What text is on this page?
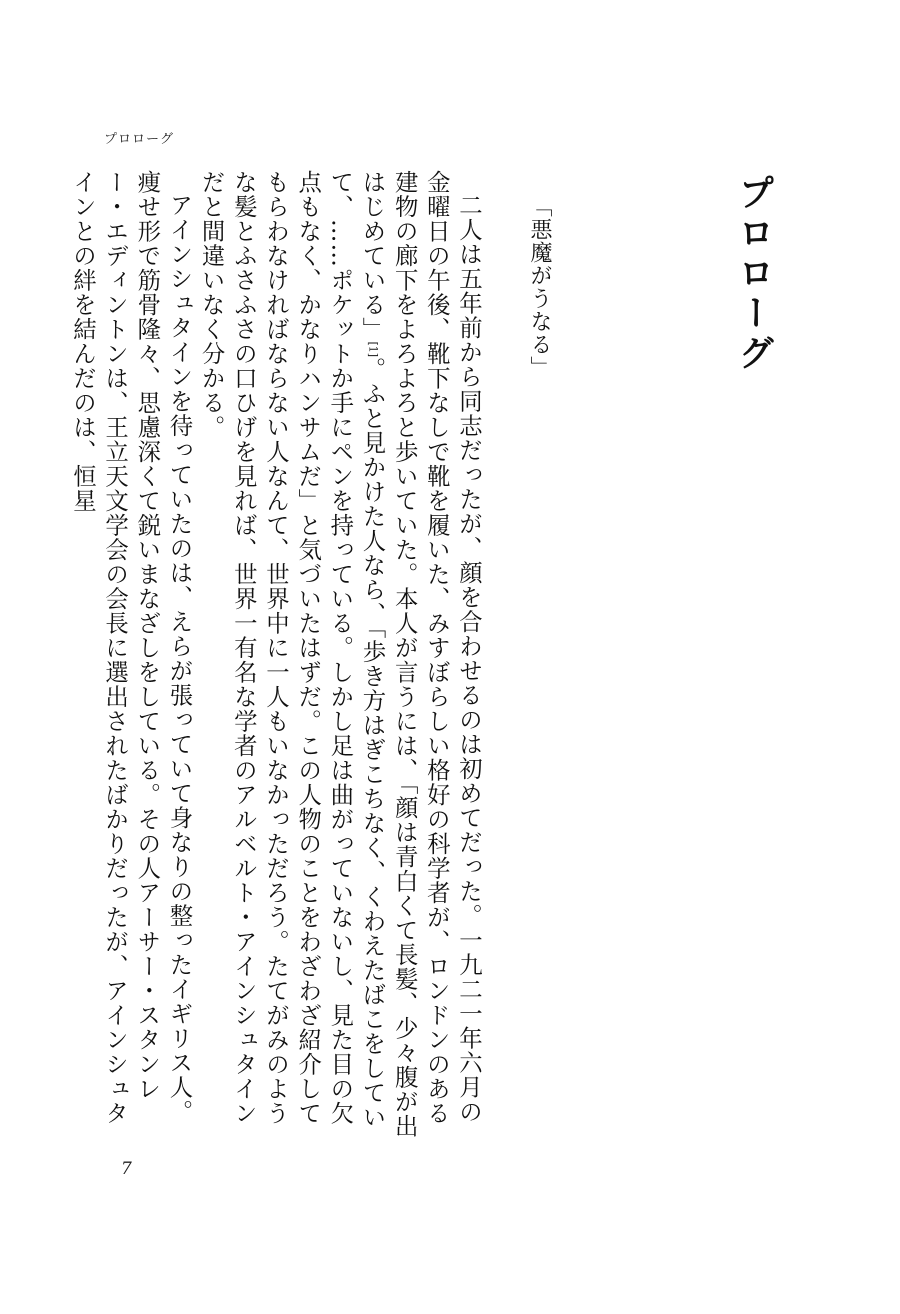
プロローグ
プロローグ
「悪魔がうなる」

二人は五年前から同志だったが、顔を合わせるのは初めてだった。一九二一年六月の金曜日の午後、靴下なしで靴を履いた、みすぼらしい格好の科学者が、ロンドンのある建物の廊下をよろよろと歩いていた。本人が言うには、「顔は青白くて長髪、少々腹が出はじめている」[1]。ふと見かけた人なら、「歩き方はぎこちなく、くわえたばこをしていて、……ポケットか手にペンを持っている。しかし足は曲がっていないし、見た目の欠点もなく、かなりハンサムだ」と気づいたはずだ。この人物のことをわざわざ紹介してもらわなければならない人なんて、世界中に一人もいなかっただろう。たてがみのような髪とふさふさの口ひげを見れば、世界一有名な学者のアルベルト・アインシュタインだと間違いなく分かる。

アインシュタインを待っていたのは、えらが張っていて身なりの整ったイギリス人。痩せ形で筋骨隆々、思慮深くて鋭いまなざしをしている。その人アーサー・スタンレー・エディントンは、王立天文学会の会長に選出されたばかりだったが、アインシュタインとの絆を結んだのは、恒星

7
